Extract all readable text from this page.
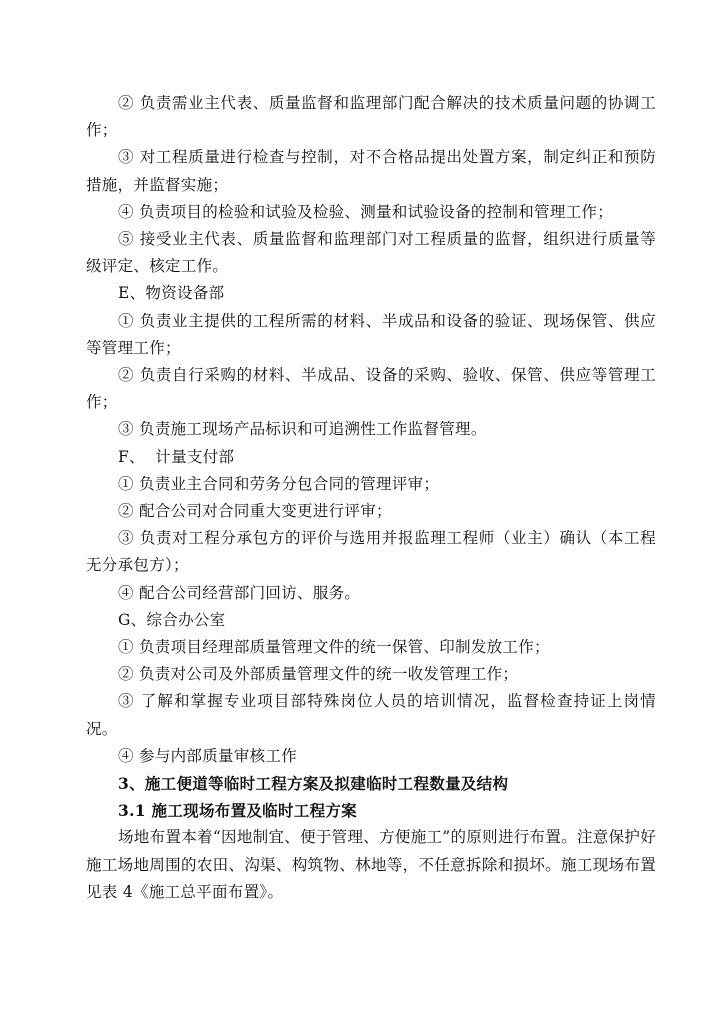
② 负责需业主代表、质量监督和监理部门配合解决的技术质量问题的协调工作；

③ 对工程质量进行检查与控制，对不合格品提出处置方案，制定纠正和预防措施，并监督实施；

④ 负责项目的检验和试验及检验、测量和试验设备的控制和管理工作；

⑤ 接受业主代表、质量监督和监理部门对工程质量的监督，组织进行质量等级评定、核定工作。

E、物资设备部

① 负责业主提供的工程所需的材料、半成品和设备的验证、现场保管、供应等管理工作；

② 负责自行采购的材料、半成品、设备的采购、验收、保管、供应等管理工作；

③ 负责施工现场产品标识和可追溯性工作监督管理。

F、  计量支付部

① 负责业主合同和劳务分包合同的管理评审；

② 配合公司对合同重大变更进行评审；

③ 负责对工程分承包方的评价与选用并报监理工程师（业主）确认（本工程无分承包方）；

④ 配合公司经营部门回访、服务。

G、综合办公室

① 负责项目经理部质量管理文件的统一保管、印制发放工作；

② 负责对公司及外部质量管理文件的统一收发管理工作；

③ 了解和掌握专业项目部特殊岗位人员的培训情况，监督检查持证上岗情况。

④ 参与内部质量审核工作

3、施工便道等临时工程方案及拟建临时工程数量及结构

3.1 施工现场布置及临时工程方案

场地布置本着“因地制宜、便于管理、方便施工”的原则进行布置。注意保护好施工场地周围的农田、沟渠、构筑物、林地等，不任意拆除和损坏。施工现场布置见表 4《施工总平面布置》。
